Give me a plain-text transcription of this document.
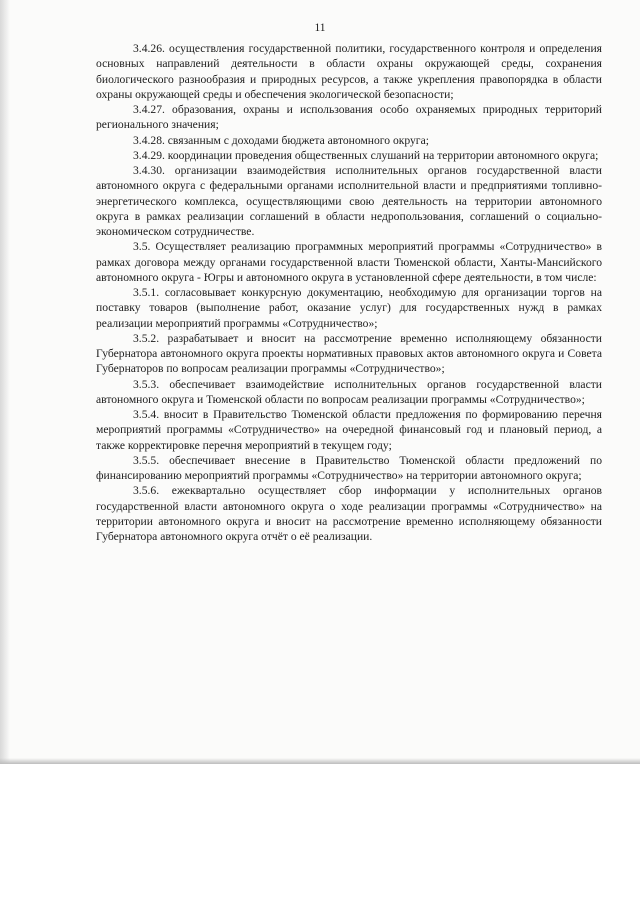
11

3.4.26. осуществления государственной политики, государственного контроля и определения основных направлений деятельности в области охраны окружающей среды, сохранения биологического разнообразия и природных ресурсов, а также укрепления правопорядка в области охраны окружающей среды и обеспечения экологической безопасности;

3.4.27. образования, охраны и использования особо охраняемых природных территорий регионального значения;

3.4.28. связанным с доходами бюджета автономного округа;

3.4.29. координации проведения общественных слушаний на территории автономного округа;

3.4.30. организации взаимодействия исполнительных органов государственной власти автономного округа с федеральными органами исполнительной власти и предприятиями топливно-энергетического комплекса, осуществляющими свою деятельность на территории автономного округа в рамках реализации соглашений в области недропользования, соглашений о социально-экономическом сотрудничестве.

3.5. Осуществляет реализацию программных мероприятий программы «Сотрудничество» в рамках договора между органами государственной власти Тюменской области, Ханты-Мансийского автономного округа - Югры и автономного округа в установленной сфере деятельности, в том числе:

3.5.1. согласовывает конкурсную документацию, необходимую для организации торгов на поставку товаров (выполнение работ, оказание услуг) для государственных нужд в рамках реализации мероприятий программы «Сотрудничество»;

3.5.2. разрабатывает и вносит на рассмотрение временно исполняющему обязанности Губернатора автономного округа проекты нормативных правовых актов автономного округа и Совета Губернаторов по вопросам реализации программы «Сотрудничество»;

3.5.3. обеспечивает взаимодействие исполнительных органов государственной власти автономного округа и Тюменской области по вопросам реализации программы «Сотрудничество»;

3.5.4. вносит в Правительство Тюменской области предложения по формированию перечня мероприятий программы «Сотрудничество» на очередной финансовый год и плановый период, а также корректировке перечня мероприятий в текущем году;

3.5.5. обеспечивает внесение в Правительство Тюменской области предложений по финансированию мероприятий программы «Сотрудничество» на территории автономного округа;

3.5.6. ежеквартально осуществляет сбор информации у исполнительных органов государственной власти автономного округа о ходе реализации программы «Сотрудничество» на территории автономного округа и вносит на рассмотрение временно исполняющему обязанности Губернатора автономного округа отчёт о её реализации.
